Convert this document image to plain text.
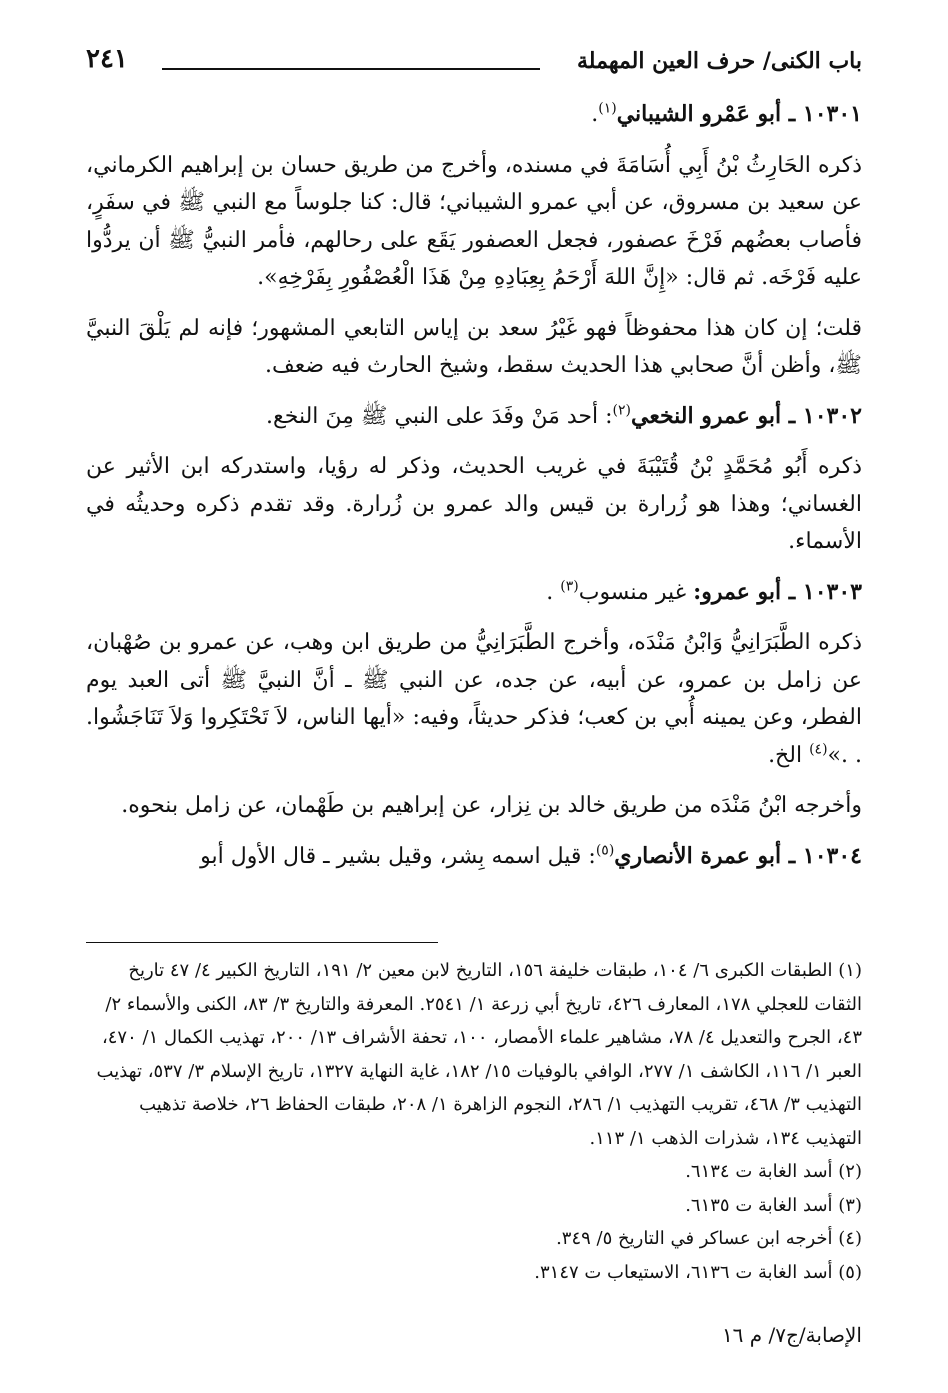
باب الكنى/ حرف العين المهملة
٢٤١

١٠٣٠١ ـ أبو عَمْرو الشيباني$^{(١)}$.

ذكره الحَارِثُ بْنُ أَبِي أُسَامَةَ في مسنده، وأخرج من طريق حسان بن إبراهيم الكرماني، عن سعيد بن مسروق، عن أبي عمرو الشيباني؛ قال: كنا جلوساً مع النبي ﷺ في سفَرٍ، فأصاب بعضُهم فَرْخَ عصفور، فجعل العصفور يَقَع على رحالهم، فأمر النبيُّ ﷺ أن يردُّوا عليه فَرْخَه. ثم قال: «إِنَّ اللهَ أَرْحَمُ بِعِبَادِهِ مِنْ هَذَا الْعُصْفُورِ بِفَرْخِهِ».

قلت؛ إن كان هذا محفوظاً فهو غَيْرُ سعد بن إياس التابعي المشهور؛ فإنه لم يَلْقَ النبيَّ ﷺ، وأظن أنَّ صحابي هذا الحديث سقط، وشيخ الحارث فيه ضعف.

١٠٣٠٢ ـ أبو عمرو النخعي$^{(٢)}$: أحد مَنْ وفَدَ على النبي ﷺ مِنَ النخع.

ذكره أَبُو مُحَمَّدٍ بْنُ قُتَيْبَةَ في غريب الحديث، وذكر له رؤيا، واستدركه ابن الأثير عن الغساني؛ وهذا هو زُرارة بن قيس والد عمرو بن زُرارة. وقد تقدم ذكره وحديثُه في الأسماء.

١٠٣٠٣ ـ أبو عمرو: غير منسوب$^{(٣)}$ .

ذكره الطَّبَرَانِيُّ وَابْنُ مَنْدَه، وأخرج الطَّبَرَانِيُّ من طريق ابن وهب، عن عمرو بن صُهْبان، عن زامل بن عمرو، عن أبيه، عن جده، عن النبي ﷺ ـ أنَّ النبيَّ ﷺ أتى العبد يوم الفطر، وعن يمينه أُبي بن كعب؛ فذكر حديثاً، وفيه: «أيها الناس، لاَ تَحْتَكِروا وَلاَ تَنَاجَشُوا. . .»$^{(٤)}$ الخ.

وأخرجه ابْنُ مَنْدَه من طريق خالد بن نِزار، عن إبراهيم بن طَهْمان، عن زامل بنحوه.

١٠٣٠٤ ـ أبو عمرة الأنصاري$^{(٥)}$: قيل اسمه بِشر، وقيل بشير ـ قال الأول أبو

(١) الطبقات الكبرى ٦/ ١٠٤، طبقات خليفة ١٥٦، التاريخ لابن معين ٢/ ١٩١، التاريخ الكبير ٤/ ٤٧ تاريخ الثقات للعجلي ١٧٨، المعارف ٤٢٦، تاريخ أبي زرعة ١/ ٢٥٤١. المعرفة والتاريخ ٣/ ٨٣، الكنى والأسماء ٢/ ٤٣، الجرح والتعديل ٤/ ٧٨، مشاهير علماء الأمصار، ١٠٠، تحفة الأشراف ١٣/ ٢٠٠، تهذيب الكمال ١/ ٤٧٠، العبر ١/ ١١٦، الكاشف ١/ ٢٧٧، الوافي بالوفيات ١٥/ ١٨٢، غاية النهاية ١٣٢٧، تاريخ الإسلام ٣/ ٥٣٧، تهذيب التهذيب ٣/ ٤٦٨، تقريب التهذيب ١/ ٢٨٦، النجوم الزاهرة ١/ ٢٠٨، طبقات الحفاظ ٢٦، خلاصة تذهيب التهذيب ١٣٤، شذرات الذهب ١/ ١١٣.

(٢) أسد الغابة ت ٦١٣٤.

(٣) أسد الغابة ت ٦١٣٥.

(٤) أخرجه ابن عساكر في التاريخ ٥/ ٣٤٩.

(٥) أسد الغابة ت ٦١٣٦، الاستيعاب ت ٣١٤٧.

الإصابة/ج٧/ م ١٦
